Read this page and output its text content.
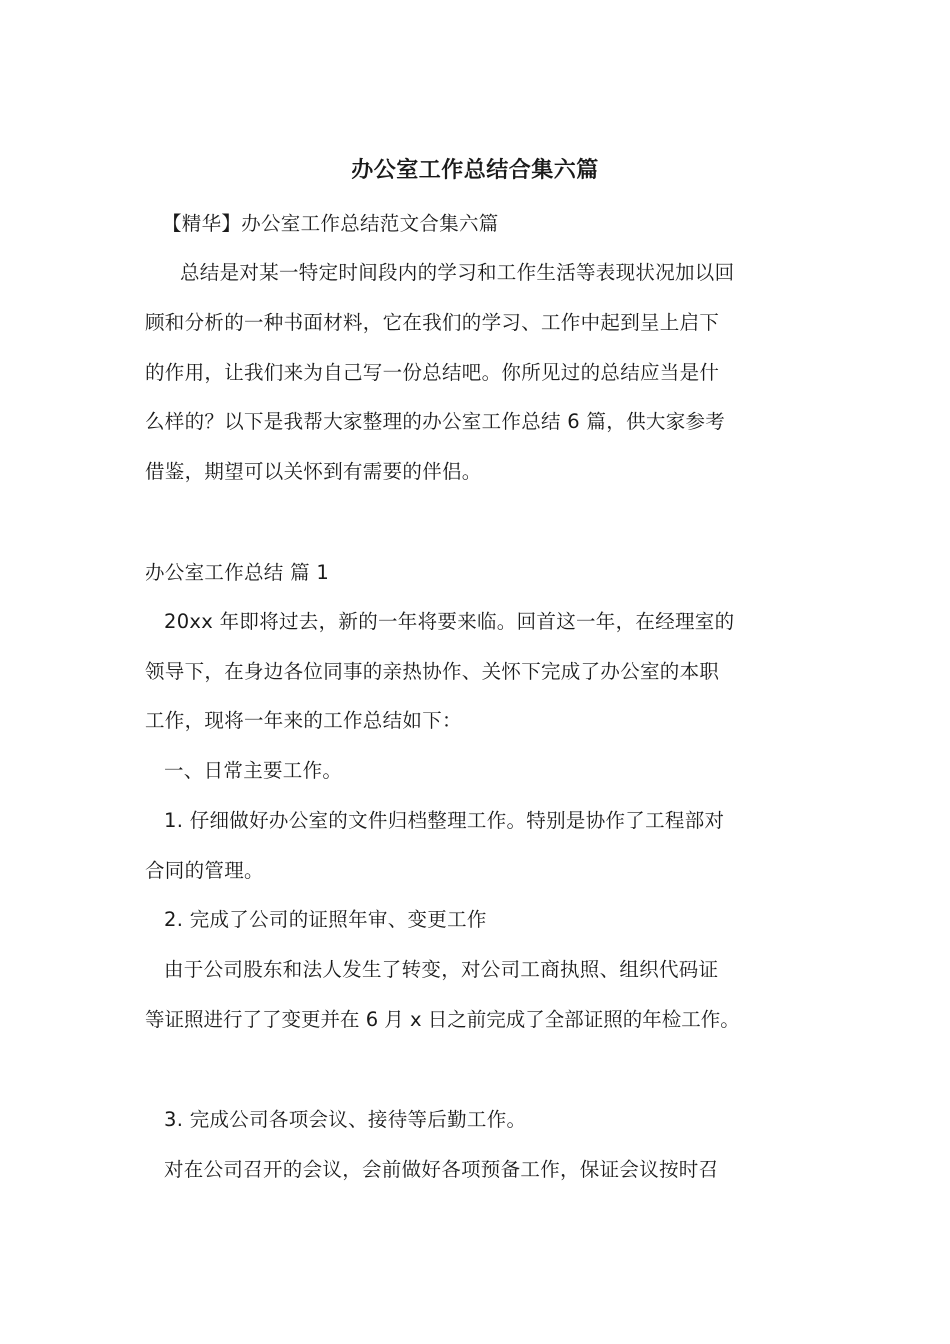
办公室工作总结合集六篇
【精华】办公室工作总结范文合集六篇
总结是对某一特定时间段内的学习和工作生活等表现状况加以回
顾和分析的一种书面材料，它在我们的学习、工作中起到呈上启下
的作用，让我们来为自己写一份总结吧。你所见过的总结应当是什
么样的？以下是我帮大家整理的办公室工作总结 6 篇，供大家参考
借鉴，期望可以关怀到有需要的伴侣。
办公室工作总结 篇 1
20xx 年即将过去，新的一年将要来临。回首这一年，在经理室的
领导下，在身边各位同事的亲热协作、关怀下完成了办公室的本职
工作，现将一年来的工作总结如下：
一、日常主要工作。
1. 仔细做好办公室的文件归档整理工作。特别是协作了工程部对
合同的管理。
2. 完成了公司的证照年审、变更工作
由于公司股东和法人发生了转变，对公司工商执照、组织代码证
等证照进行了了变更并在 6 月 x 日之前完成了全部证照的年检工作。
3. 完成公司各项会议、接待等后勤工作。
对在公司召开的会议，会前做好各项预备工作，保证会议按时召
